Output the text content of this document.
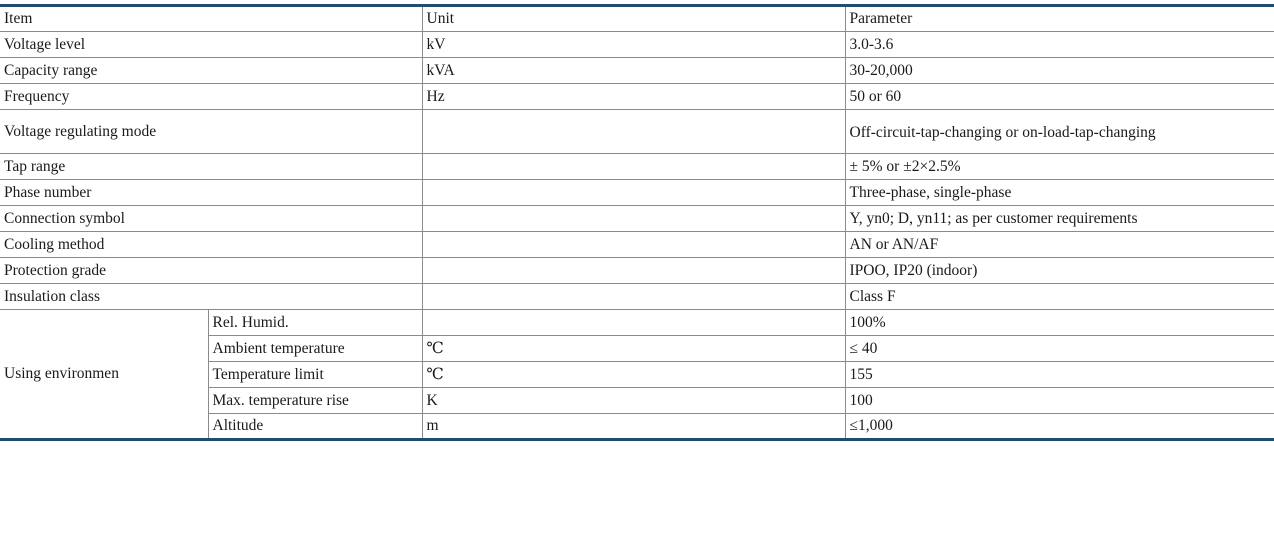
Item		Unit	Parameter
Voltage level		kV	3.0-3.6
Capacity range		kVA	30-20,000
Frequency		Hz	50 or 60
Voltage regulating mode			Off-circuit-tap-changing or on-load-tap-changing
Tap range			± 5% or ±2×2.5%
Phase number			Three-phase, single-phase
Connection symbol			Y, yn0; D, yn11; as per customer requirements
Cooling method			AN or AN/AF
Protection grade			IPOO, IP20 (indoor)
Insulation class			Class F
Using environmen	Rel. Humid.		100%
	Ambient temperature	℃	≤ 40
	Temperature limit	℃	155
	Max. temperature rise	K	100
	Altitude	m	≤1,000
